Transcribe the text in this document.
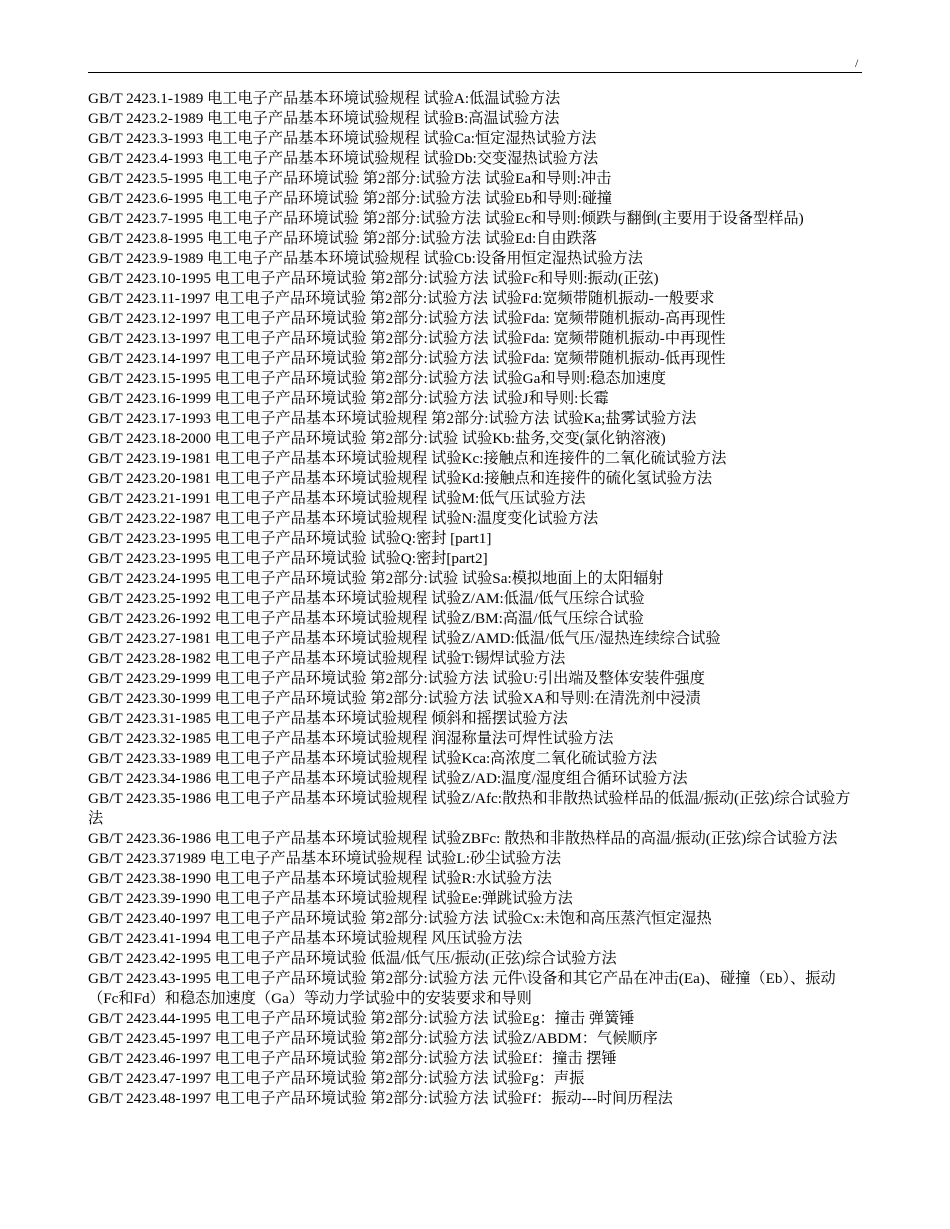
/
GB/T 2423.1-1989 电工电子产品基本环境试验规程 试验A:低温试验方法
GB/T 2423.2-1989 电工电子产品基本环境试验规程 试验B:高温试验方法
GB/T 2423.3-1993 电工电子产品基本环境试验规程 试验Ca:恒定湿热试验方法
GB/T 2423.4-1993 电工电子产品基本环境试验规程 试验Db:交变湿热试验方法
GB/T 2423.5-1995 电工电子产品环境试验 第2部分:试验方法 试验Ea和导则:冲击
GB/T 2423.6-1995 电工电子产品环境试验 第2部分:试验方法 试验Eb和导则:碰撞
GB/T 2423.7-1995 电工电子产品环境试验 第2部分:试验方法 试验Ec和导则:倾跌与翻倒(主要用于设备型样品)
GB/T 2423.8-1995 电工电子产品环境试验 第2部分:试验方法 试验Ed:自由跌落
GB/T 2423.9-1989 电工电子产品基本环境试验规程 试验Cb:设备用恒定湿热试验方法
GB/T 2423.10-1995 电工电子产品环境试验 第2部分:试验方法 试验Fc和导则:振动(正弦)
GB/T 2423.11-1997 电工电子产品环境试验 第2部分:试验方法 试验Fd:宽频带随机振动-一般要求
GB/T 2423.12-1997 电工电子产品环境试验 第2部分:试验方法 试验Fda: 宽频带随机振动-高再现性
GB/T 2423.13-1997 电工电子产品环境试验 第2部分:试验方法 试验Fda: 宽频带随机振动-中再现性
GB/T 2423.14-1997 电工电子产品环境试验 第2部分:试验方法 试验Fda: 宽频带随机振动-低再现性
GB/T 2423.15-1995 电工电子产品环境试验 第2部分:试验方法 试验Ga和导则:稳态加速度
GB/T 2423.16-1999 电工电子产品环境试验 第2部分:试验方法 试验J和导则:长霉
GB/T 2423.17-1993 电工电子产品基本环境试验规程 第2部分:试验方法 试验Ka;盐雾试验方法
GB/T 2423.18-2000 电工电子产品环境试验 第2部分:试验 试验Kb:盐务,交变(氯化钠溶液)
GB/T 2423.19-1981 电工电子产品基本环境试验规程 试验Kc:接触点和连接件的二氧化硫试验方法
GB/T 2423.20-1981 电工电子产品基本环境试验规程 试验Kd:接触点和连接件的硫化氢试验方法
GB/T 2423.21-1991 电工电子产品基本环境试验规程 试验M:低气压试验方法
GB/T 2423.22-1987 电工电子产品基本环境试验规程 试验N:温度变化试验方法
GB/T 2423.23-1995 电工电子产品环境试验 试验Q:密封 [part1]
GB/T 2423.23-1995 电工电子产品环境试验 试验Q:密封[part2]
GB/T 2423.24-1995 电工电子产品环境试验 第2部分:试验 试验Sa:模拟地面上的太阳辐射
GB/T 2423.25-1992 电工电子产品基本环境试验规程 试验Z/AM:低温/低气压综合试验
GB/T 2423.26-1992 电工电子产品基本环境试验规程 试验Z/BM:高温/低气压综合试验
GB/T 2423.27-1981 电工电子产品基本环境试验规程 试验Z/AMD:低温/低气压/湿热连续综合试验
GB/T 2423.28-1982 电工电子产品基本环境试验规程 试验T:锡焊试验方法
GB/T 2423.29-1999 电工电子产品环境试验 第2部分:试验方法 试验U:引出端及整体安装件强度
GB/T 2423.30-1999 电工电子产品环境试验 第2部分:试验方法 试验XA和导则:在清洗剂中浸渍
GB/T 2423.31-1985 电工电子产品基本环境试验规程 倾斜和摇摆试验方法
GB/T 2423.32-1985 电工电子产品基本环境试验规程 润湿称量法可焊性试验方法
GB/T 2423.33-1989 电工电子产品基本环境试验规程 试验Kca:高浓度二氧化硫试验方法
GB/T 2423.34-1986 电工电子产品基本环境试验规程 试验Z/AD:温度/湿度组合循环试验方法
GB/T 2423.35-1986 电工电子产品基本环境试验规程 试验Z/Afc:散热和非散热试验样品的低温/振动(正弦)综合试验方法
GB/T 2423.36-1986 电工电子产品基本环境试验规程 试验ZBFc: 散热和非散热样品的高温/振动(正弦)综合试验方法
GB/T 2423.371989 电工电子产品基本环境试验规程 试验L:砂尘试验方法
GB/T 2423.38-1990 电工电子产品基本环境试验规程 试验R:水试验方法
GB/T 2423.39-1990 电工电子产品基本环境试验规程 试验Ee:弹跳试验方法
GB/T 2423.40-1997 电工电子产品环境试验 第2部分:试验方法 试验Cx:未饱和高压蒸汽恒定湿热
GB/T 2423.41-1994 电工电子产品基本环境试验规程 风压试验方法
GB/T 2423.42-1995 电工电子产品环境试验 低温/低气压/振动(正弦)综合试验方法
GB/T 2423.43-1995 电工电子产品环境试验 第2部分:试验方法 元件\设备和其它产品在冲击(Ea)、碰撞（Eb）、振动（Fc和Fd）和稳态加速度（Ga）等动力学试验中的安装要求和导则
GB/T 2423.44-1995 电工电子产品环境试验 第2部分:试验方法 试验Eg：撞击 弹簧锤
GB/T 2423.45-1997 电工电子产品环境试验 第2部分:试验方法 试验Z/ABDM：气候顺序
GB/T 2423.46-1997 电工电子产品环境试验 第2部分:试验方法 试验Ef：撞击 摆锤
GB/T 2423.47-1997 电工电子产品环境试验 第2部分:试验方法 试验Fg：声振
GB/T 2423.48-1997 电工电子产品环境试验 第2部分:试验方法 试验Ff：振动---时间历程法
